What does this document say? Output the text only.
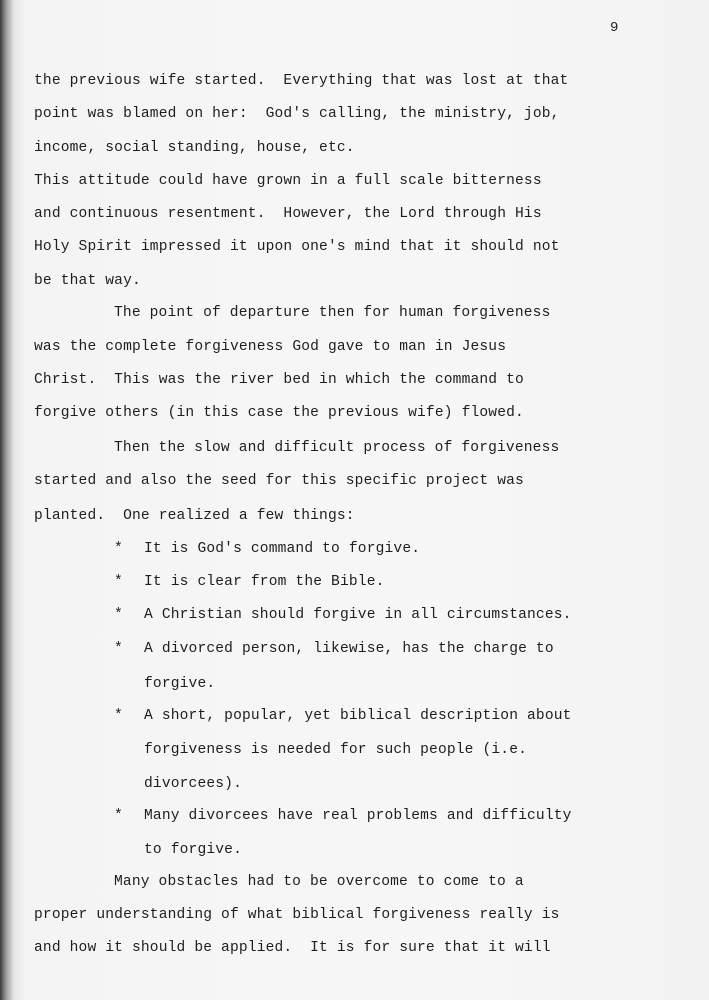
9
the previous wife started.  Everything that was lost at that
point was blamed on her:  God's calling, the ministry, job,
income, social standing, house, etc.
This attitude could have grown in a full scale bitterness
and continuous resentment.  However, the Lord through His
Holy Spirit impressed it upon one's mind that it should not
be that way.
The point of departure then for human forgiveness
was the complete forgiveness God gave to man in Jesus
Christ.  This was the river bed in which the command to
forgive others (in this case the previous wife) flowed.
Then the slow and difficult process of forgiveness
started and also the seed for this specific project was
planted.  One realized a few things:
* It is God's command to forgive.
* It is clear from the Bible.
* A Christian should forgive in all circumstances.
* A divorced person, likewise, has the charge to
forgive.
* A short, popular, yet biblical description about
forgiveness is needed for such people (i.e.
divorcees).
* Many divorcees have real problems and difficulty
to forgive.
Many obstacles had to be overcome to come to a
proper understanding of what biblical forgiveness really is
and how it should be applied.  It is for sure that it will
